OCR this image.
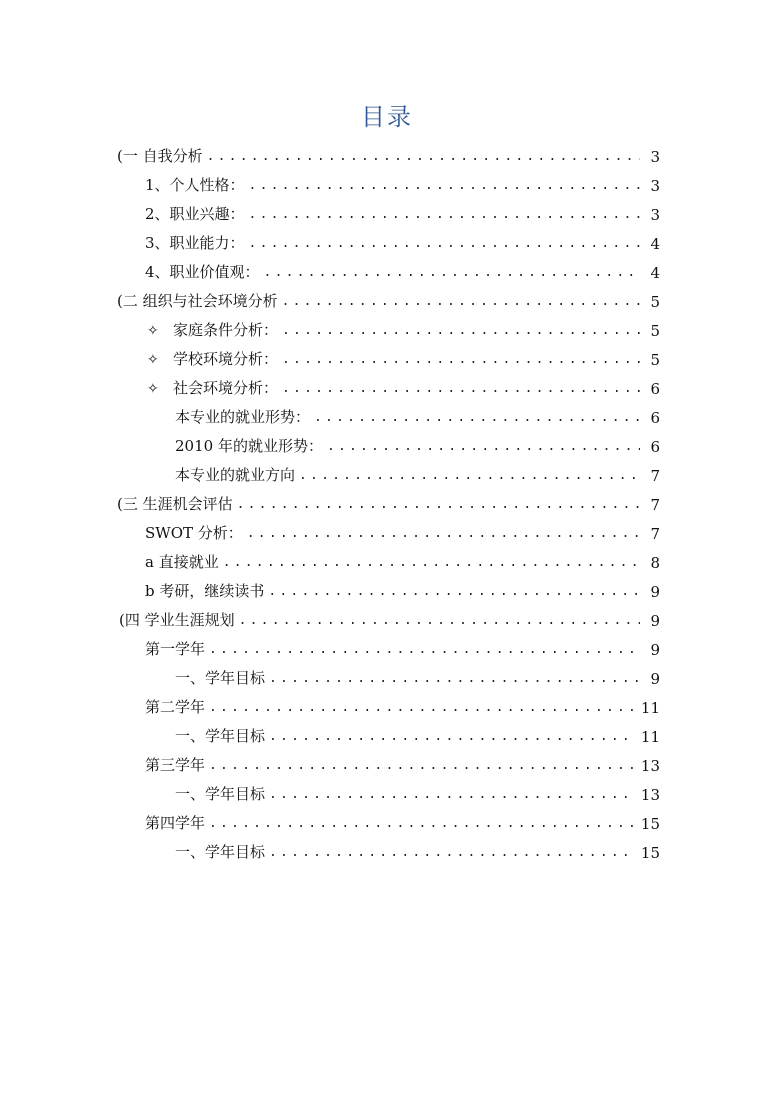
目录
(一 自我分析 .....	3
1、个人性格： .....	3
2、职业兴趣： .....	3
3、职业能力： .....	4
4、职业价值观： .....	4
(二 组织与社会环境分析 .....	5
✧ 家庭条件分析： .....	5
✧ 学校环境分析： .....	5
✧ 社会环境分析： .....	6
本专业的就业形势： .....	6
2010 年的就业形势： .....	6
本专业的就业方向 .....	7
(三 生涯机会评估 .....	7
SWOT 分析： .....	7
a 直接就业 .....	8
b 考研，继续读书 .....	9
(四 学业生涯规划 .....	9
第一学年 .....	9
一、学年目标 .....	9
第二学年 .....	11
一、学年目标 .....	11
第三学年 .....	13
一、学年目标 .....	13
第四学年 .....	15
一、学年目标 .....	15
